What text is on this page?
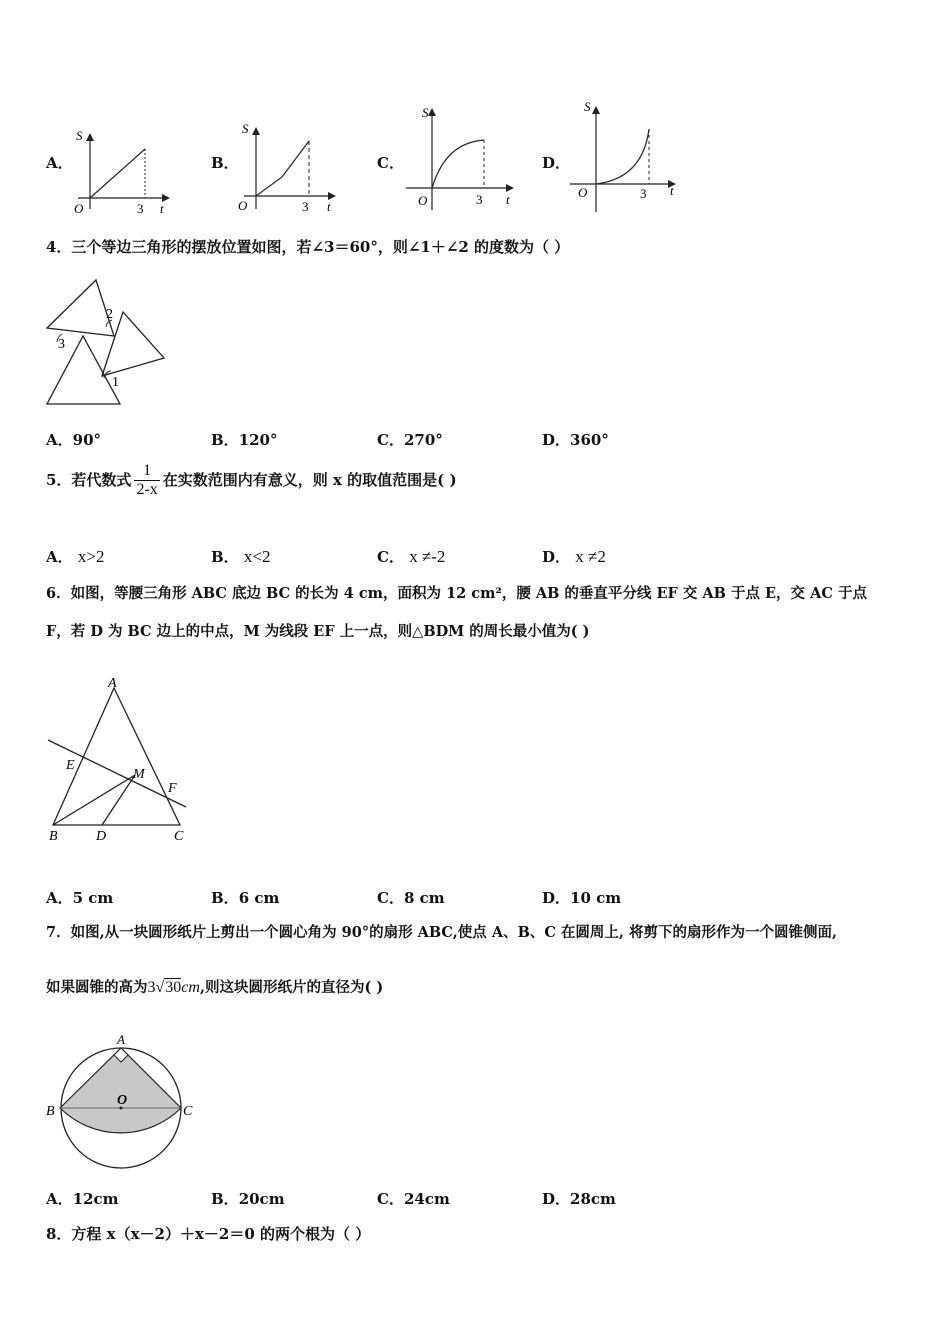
A．
S
O	3 t
B．
S
O	3 t
C．
S
O	3 t
D．
S
O	3 t
4．三个等边三角形的摆放位置如图，若∠3＝60°，则∠1＋∠2 的度数为（ ）
2
1
3
A．90°	B．120°	C．270°	D．360°
5．若代数式 $\frac{1}{2-x}$ 在实数范围内有意义，则 x 的取值范围是( )
A． x>2	B． x<2	C． x ≠-2	D． x ≠2
6．如图，等腰三角形 ABC 底边 BC 的长为 4 cm，面积为 12 cm²，腰 AB 的垂直平分线 EF 交 AB 于点 E，交 AC 于点
F，若 D 为 BC 边上的中点，M 为线段 EF 上一点，则△BDM 的周长最小值为( )
A
E
M
F
B	D	C
A．5 cm	B．6 cm	C．8 cm	D．10 cm
7．如图,从一块圆形纸片上剪出一个圆心角为 90°的扇形 ABC,使点 A、B、C 在圆周上, 将剪下的扇形作为一个圆锥侧面,
如果圆锥的高为3√30cm,则这块圆形纸片的直径为( )
A
O
B	C
A．12cm	B．20cm	C．24cm	D．28cm
8．方程 x（x－2）＋x－2＝0 的两个根为（ ）
